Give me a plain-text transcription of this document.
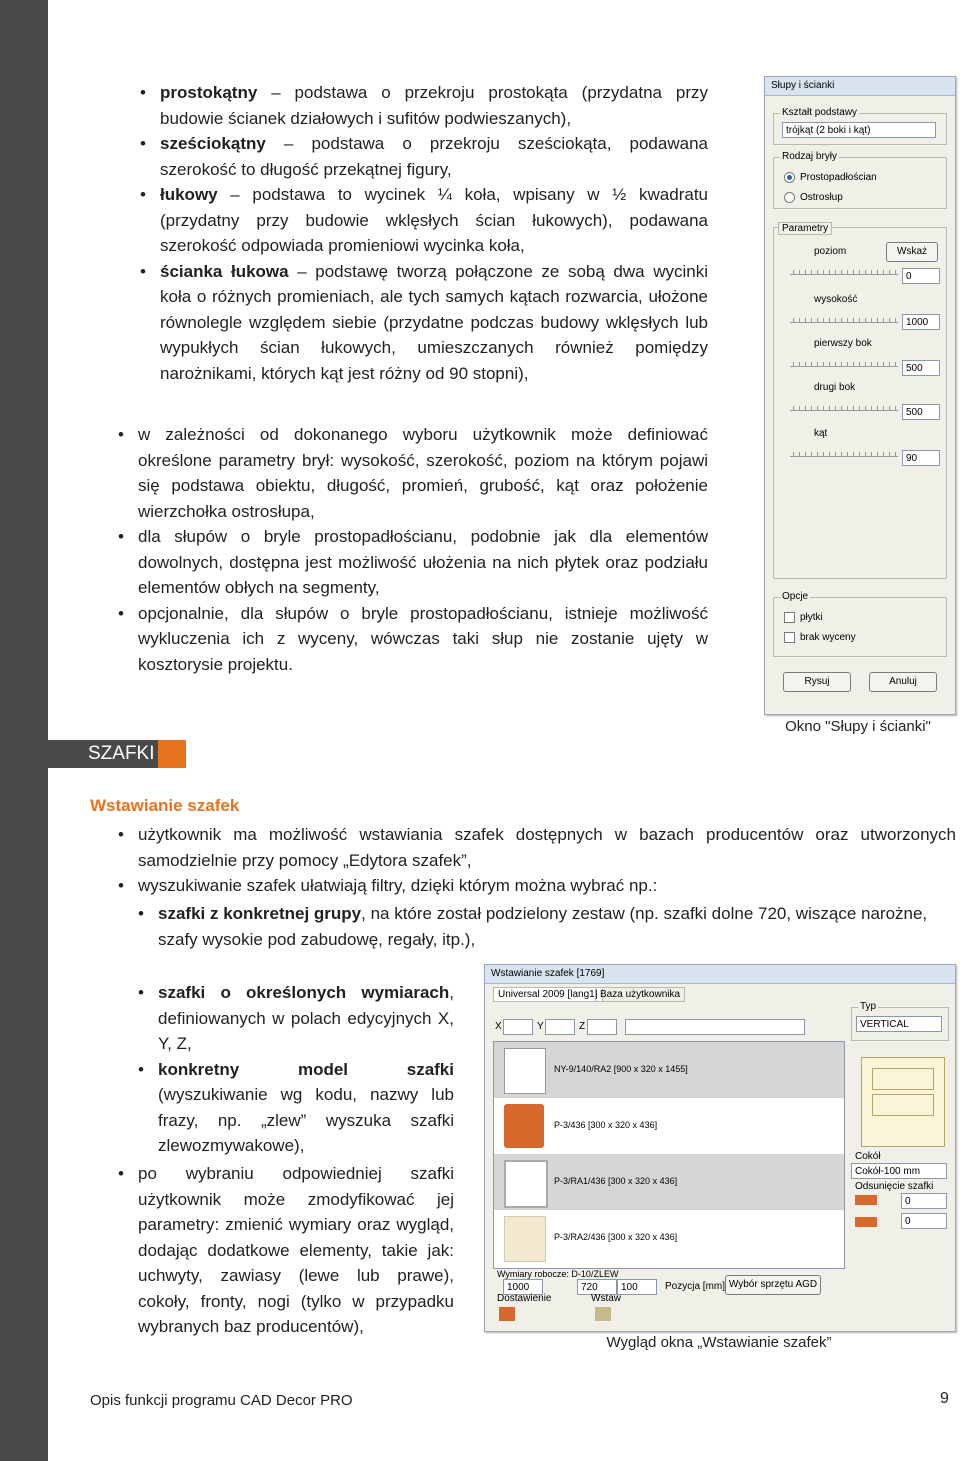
• prostokątny – podstawa o przekroju prostokąta (przydatna przy budowie ścianek działowych i sufitów podwieszanych),
• sześciokątny – podstawa o przekroju sześciokąta, podawana szerokość to długość przekątnej figury,
• łukowy – podstawa to wycinek ¼ koła, wpisany w ½ kwadratu (przydatny przy budowie wklęsłych ścian łukowych), podawana szerokość odpowiada promieniowi wycinka koła,
• ścianka łukowa – podstawę tworzą połączone ze sobą dwa wycinki koła o różnych promieniach, ale tych samych kątach rozwarcia, ułożone równolegle względem siebie (przydatne podczas budowy wklęsłych lub wypukłych ścian łukowych, umieszczanych również pomiędzy narożnikami, których kąt jest różny od 90 stopni),
• w zależności od dokonanego wyboru użytkownik może definiować określone parametry brył: wysokość, szerokość, poziom na którym pojawi się podstawa obiektu, długość, promień, grubość, kąt oraz położenie wierzchołka ostrosłupa,
• dla słupów o bryle prostopadłościanu, podobnie jak dla elementów dowolnych, dostępna jest możliwość ułożenia na nich płytek oraz podziału elementów obłych na segmenty,
• opcjonalnie, dla słupów o bryle prostopadłościanu, istnieje możliwość wykluczenia ich z wyceny, wówczas taki słup nie zostanie ujęty w kosztorysie projektu.
Słupy i ścianki
Kształt podstawy
trójkąt (2 boki i kąt)
Rodzaj bryły
Prostopadłościan
Ostrosłup
Parametry
poziom	Wskaż
0
wysokość
1000
pierwszy bok
500
drugi bok
500
kąt
90
Opcje
płytki
brak wyceny
Rysuj	Anuluj
Okno "Słupy i ścianki"
SZAFKI
Wstawianie szafek
• użytkownik ma możliwość wstawiania szafek dostępnych w bazach producentów oraz utworzonych samodzielnie przy pomocy „Edytora szafek”,
• wyszukiwanie szafek ułatwiają filtry, dzięki którym można wybrać np.:
• szafki z konkretnej grupy, na które został podzielony zestaw (np. szafki dolne 720, wiszące narożne, szafy wysokie pod zabudowę, regały, itp.),
• szafki o określonych wymiarach, definiowanych w polach edycyjnych X, Y, Z,
• konkretny model szafki (wyszukiwanie wg kodu, nazwy lub frazy, np. „zlew” wyszuka szafki zlewozmywakowe),
• po wybraniu odpowiedniej szafki użytkownik może zmodyfikować jej parametry: zmienić wymiary oraz wygląd, dodając dodatkowe elementy, takie jak: uchwyty, zawiasy (lewe lub prawe), cokoły, fronty, nogi (tylko w przypadku wybranych baz producentów),
Wstawianie szafek [1769]
Universal 2009 [lang1] Baza użytkownika
X	Y	Z
NY-9/140/RA2 [900 x 320 x 1455]
P-3/436 [300 x 320 x 436]
P-3/RA1/436 [300 x 320 x 436]
P-3/RA2/436 [300 x 320 x 436]
Typ
VERTICAL
Cokół
Cokół-100 mm
Odsunięcie szafki
0
0
Wymiary robocze: D-10/ZLEW
1000	720	100	Pozycja [mm] Wybór sprzętu AGD
Dostawienie	Wstaw
Wygląd okna „Wstawianie szafek”
Opis funkcji programu CAD Decor PRO	9
